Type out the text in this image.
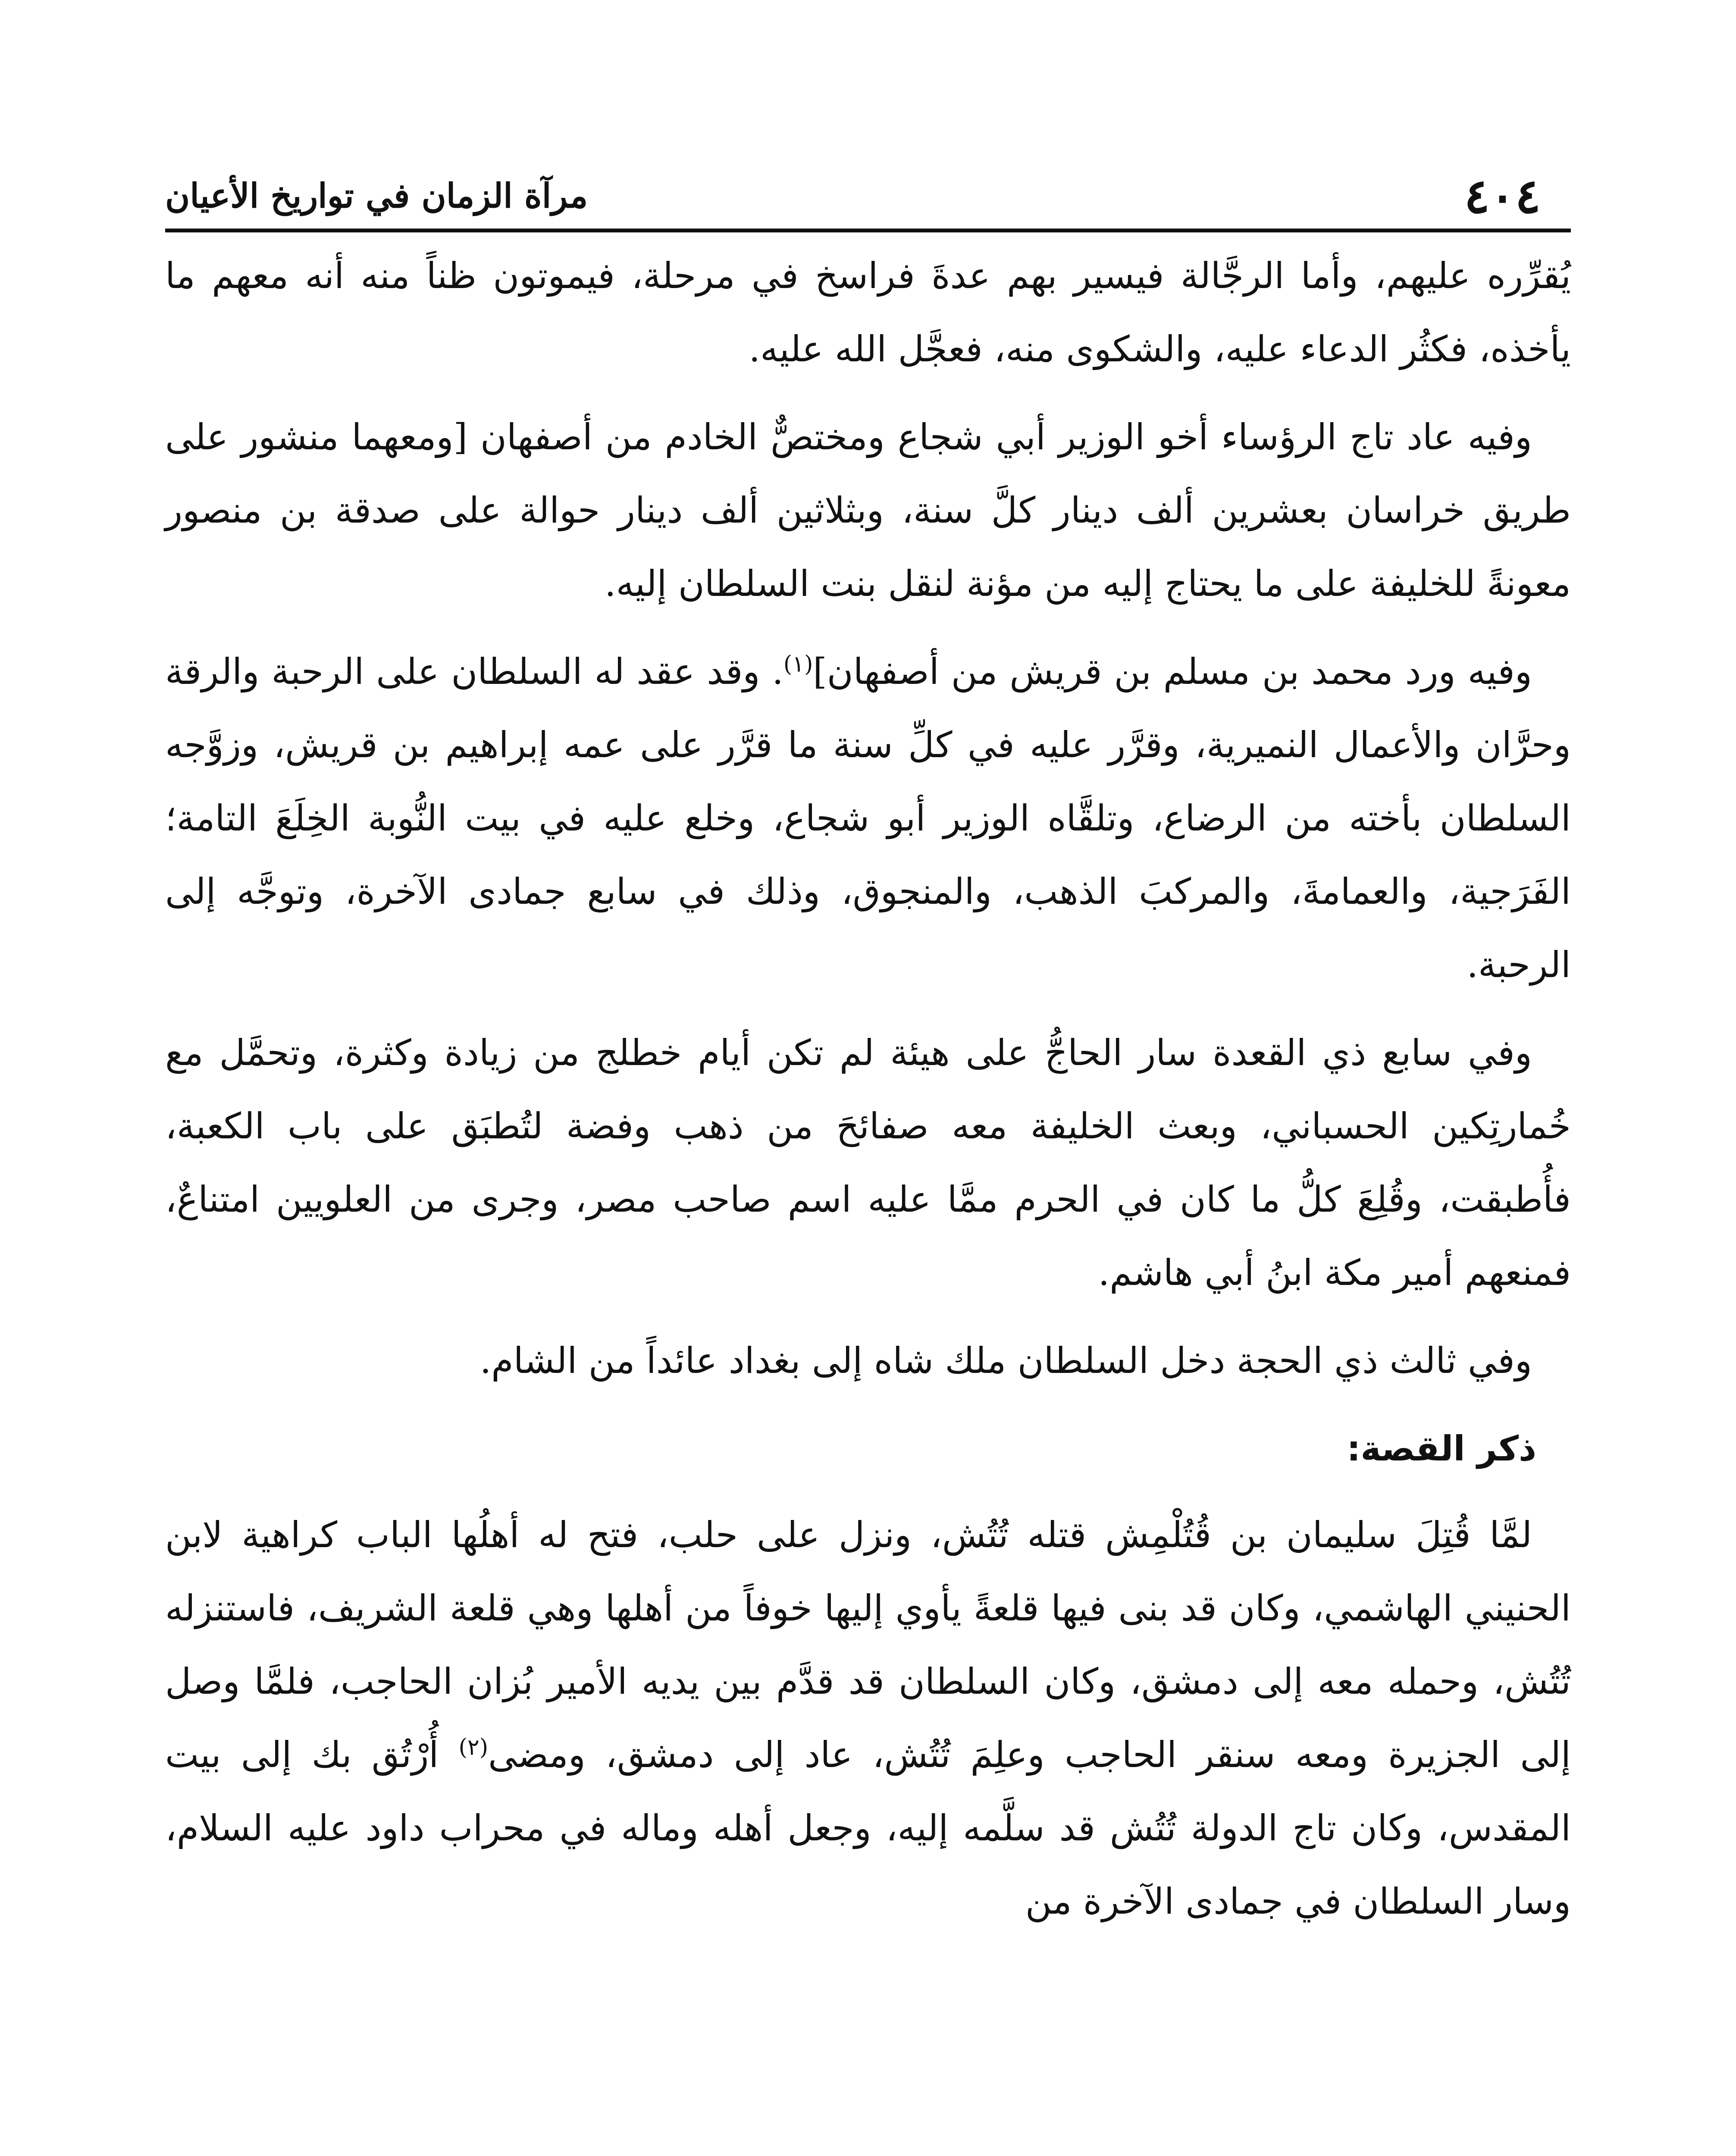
٤٠٤
مرآة الزمان في تواريخ الأعيان

يُقرِّره عليهم، وأما الرجَّالة فيسير بهم عدةَ فراسخ في مرحلة، فيموتون ظناً منه أنه معهم ما يأخذه، فكثُر الدعاء عليه، والشكوى منه، فعجَّل الله عليه.

وفيه عاد تاج الرؤساء أخو الوزير أبي شجاع ومختصٌّ الخادم من أصفهان [ومعهما منشور على طريق خراسان بعشرين ألف دينار كلَّ سنة، وبثلاثين ألف دينار حوالة على صدقة بن منصور معونةً للخليفة على ما يحتاج إليه من مؤنة لنقل بنت السلطان إليه.

وفيه ورد محمد بن مسلم بن قريش من أصفهان]$^{(١)}$. وقد عقد له السلطان على الرحبة والرقة وحرَّان والأعمال النميرية، وقرَّر عليه في كلِّ سنة ما قرَّر على عمه إبراهيم بن قريش، وزوَّجه السلطان بأخته من الرضاع، وتلقَّاه الوزير أبو شجاع، وخلع عليه في بيت النُّوبة الخِلَعَ التامة؛ الفَرَجية، والعمامةَ، والمركبَ الذهب، والمنجوق، وذلك في سابع جمادى الآخرة، وتوجَّه إلى الرحبة.

وفي سابع ذي القعدة سار الحاجُّ على هيئة لم تكن أيام خطلج من زيادة وكثرة، وتحمَّل مع خُمارتِكين الحسباني، وبعث الخليفة معه صفائحَ من ذهب وفضة لتُطبَق على باب الكعبة، فأُطبقت، وقُلِعَ كلُّ ما كان في الحرم ممَّا عليه اسم صاحب مصر، وجرى من العلويين امتناعٌ، فمنعهم أمير مكة ابنُ أبي هاشم.

وفي ثالث ذي الحجة دخل السلطان ملك شاه إلى بغداد عائداً من الشام.

ذكر القصة:

لمَّا قُتِلَ سليمان بن قُتُلْمِش قتله تُتُش، ونزل على حلب، فتح له أهلُها الباب كراهية لابن الحنيني الهاشمي، وكان قد بنى فيها قلعةً يأوي إليها خوفاً من أهلها وهي قلعة الشريف، فاستنزله تُتُش، وحمله معه إلى دمشق، وكان السلطان قد قدَّم بين يديه الأمير بُزان الحاجب، فلمَّا وصل إلى الجزيرة ومعه سنقر الحاجب وعلِمَ تُتُش، عاد إلى دمشق، ومضى$^{(٢)}$ أُرْتُق بك إلى بيت المقدس، وكان تاج الدولة تُتُش قد سلَّمه إليه، وجعل أهله وماله في محراب داود عليه السلام، وسار السلطان في جمادى الآخرة من
